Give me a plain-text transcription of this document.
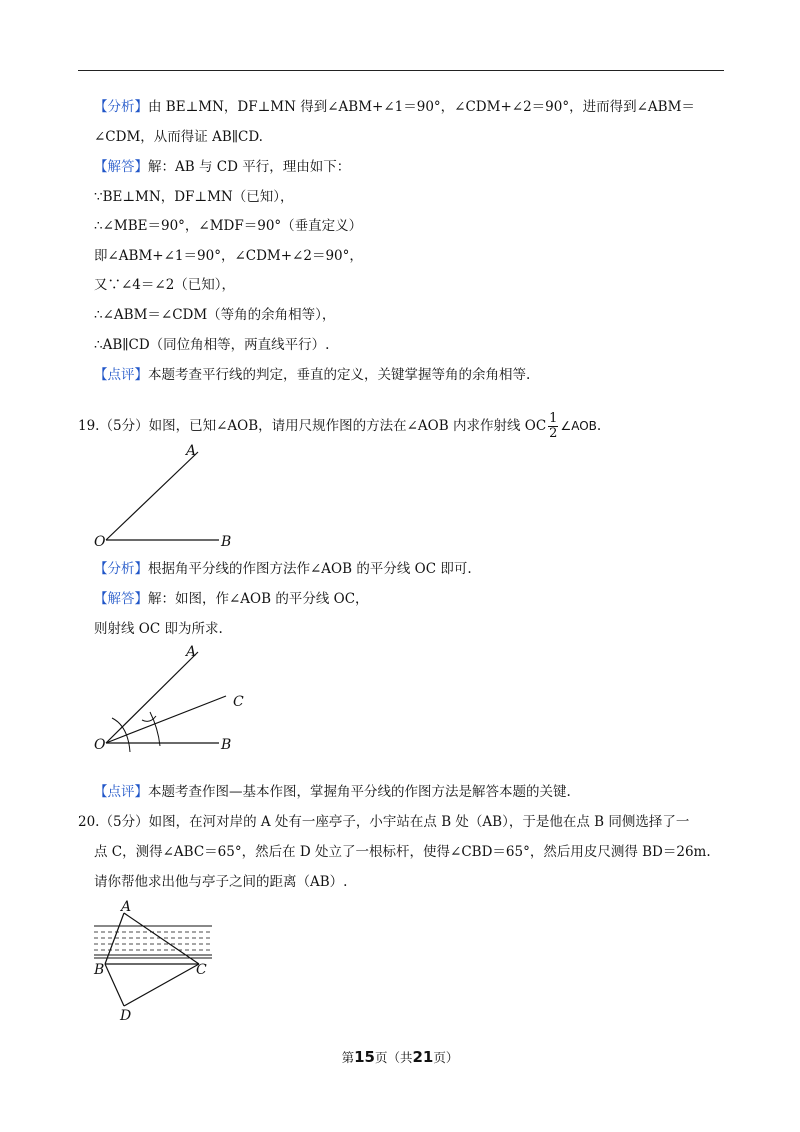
【分析】由 BE⊥MN，DF⊥MN 得到∠ABM+∠1＝90°，∠CDM+∠2＝90°，进而得到∠ABM＝
∠CDM，从而得证 AB∥CD.
【解答】解：AB 与 CD 平行，理由如下：
∵BE⊥MN，DF⊥MN（已知），
∴∠MBE＝90°，∠MDF＝90°（垂直定义）
即∠ABM+∠1＝90°，∠CDM+∠2＝90°，
又∵∠4＝∠2（已知），
∴∠ABM＝∠CDM（等角的余角相等），
∴AB∥CD（同位角相等，两直线平行）.
【点评】本题考查平行线的判定，垂直的定义，关键掌握等角的余角相等.
19.（5分）如图，已知∠AOB，请用尺规作图的方法在∠AOB 内求作射线 OC $\frac{1}{2}$ ∠AOB.
A
O	B
【分析】根据角平分线的作图方法作∠AOB 的平分线 OC 即可.
【解答】解：如图，作∠AOB 的平分线 OC，
则射线 OC 即为所求.
A
C
O	B
【点评】本题考查作图—基本作图，掌握角平分线的作图方法是解答本题的关键.
20.（5分）如图，在河对岸的 A 处有一座亭子，小宇站在点 B 处（AB），于是他在点 B 同侧选择了一
点 C，测得∠ABC＝65°，然后在 D 处立了一根标杆，使得∠CBD＝65°，然后用皮尺测得 BD＝26m.
请你帮他求出他与亭子之间的距离（AB）.
A
B	C
D
第15页（共21页）
